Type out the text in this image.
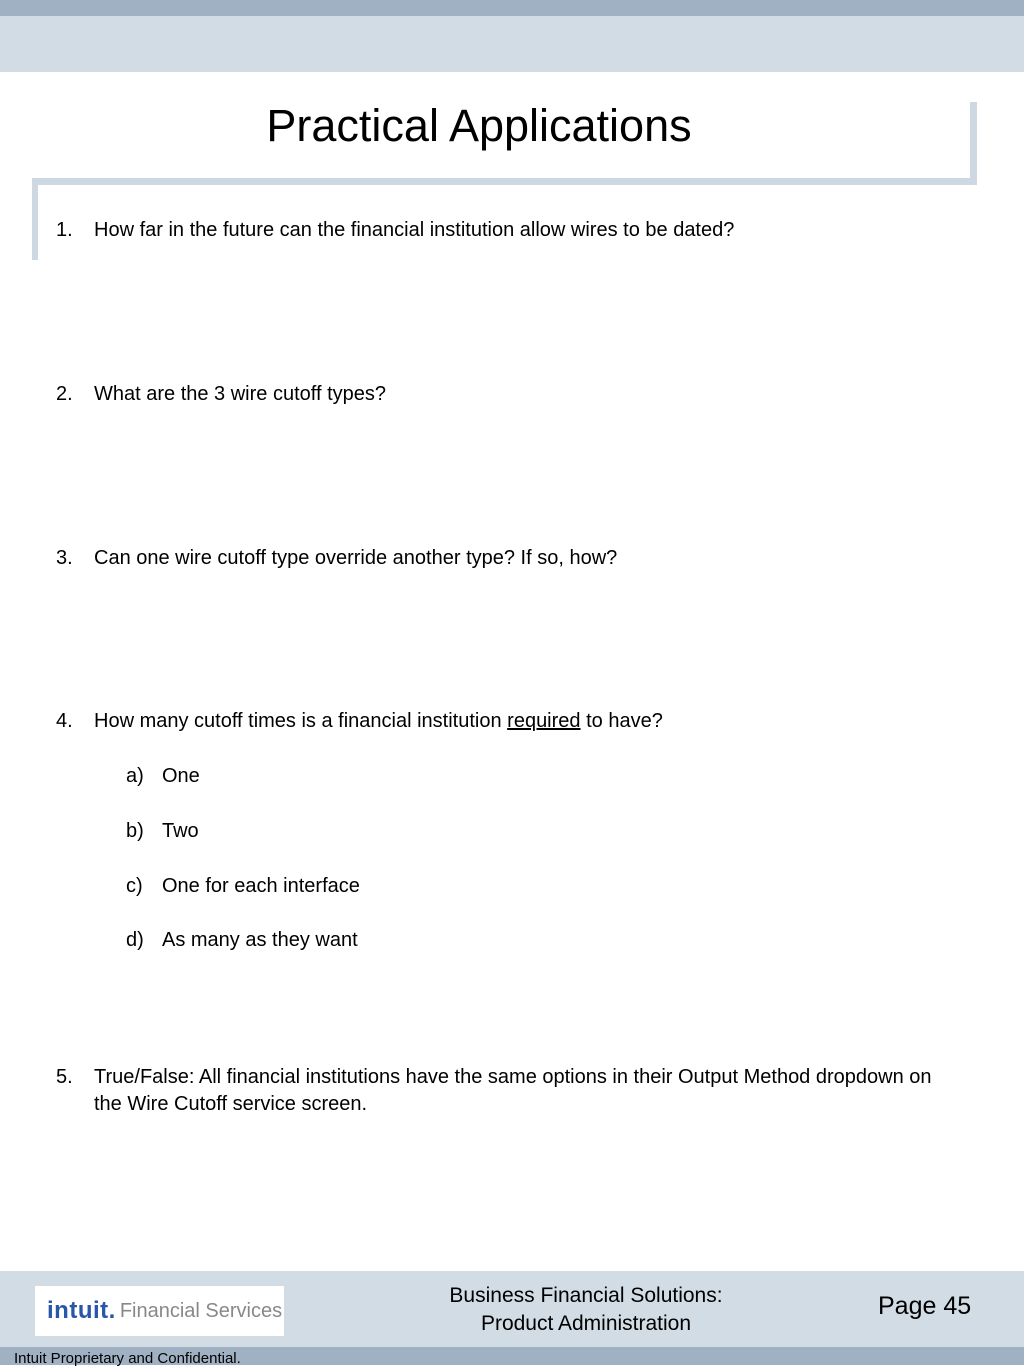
Practical Applications
1.	How far in the future can the financial institution allow wires to be dated?
2.	What are the 3 wire cutoff types?
3.	Can one wire cutoff type override another type? If so, how?
4.	How many cutoff times is a financial institution required to have?
a) One
b) Two
c) One for each interface
d) As many as they want
5.	True/False: All financial institutions have the same options in their Output Method dropdown on the Wire Cutoff service screen.
intuit. Financial Services
Business Financial Solutions:
Product Administration
Page 45
Intuit Proprietary and Confidential.
